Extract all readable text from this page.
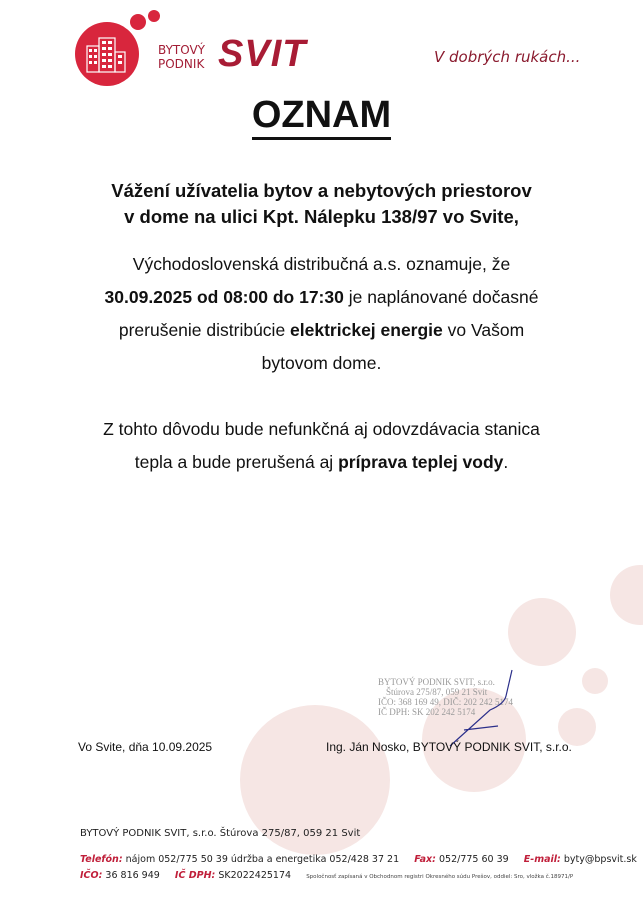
BYTOVÝ
PODNIK SVIT	V dobrých rukách...
OZNAM
Vážení užívatelia bytov a nebytových priestorov
v dome na ulici Kpt. Nálepku 138/97 vo Svite,
Východoslovenská distribučná a.s. oznamuje, že
30.09.2025 od 08:00 do 17:30 je naplánované dočasné
prerušenie distribúcie elektrickej energie vo Vašom
bytovom dome.
Z tohto dôvodu bude nefunkčná aj odovzdávacia stanica
tepla a bude prerušená aj príprava teplej vody.
BYTOVÝ PODNIK SVIT, s.r.o.
Štúrova 275/87, 059 21 Svit
IČO: 368 169 49, DIČ: 202 242 5174
IČ DPH: SK 202 242 5174
Vo Svite, dňa 10.09.2025	Ing. Ján Nosko, BYTOVÝ PODNIK SVIT, s.r.o.
BYTOVÝ PODNIK SVIT, s.r.o. Štúrova 275/87, 059 21 Svit
Telefón: nájom 052/775 50 39 údržba a energetika 052/428 37 21 Fax: 052/775 60 39 E-mail: byty@bpsvit.sk
IČO: 36 816 949 IČ DPH: SK2022425174	Spoločnosť zapísaná v Obchodnom registri Okresného súdu Prešov, oddiel: Sro, vložka č.18971/P
